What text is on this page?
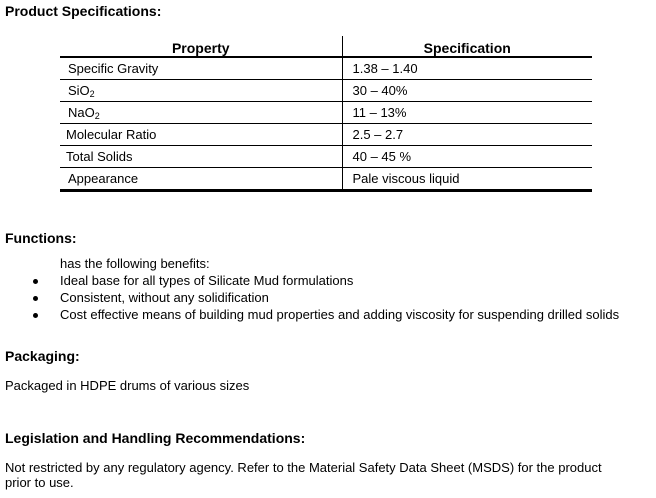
Product Specifications:
Property	Specification
Specific Gravity	1.38 – 1.40
SiO$_2$	30 – 40%
NaO$_2$	11 – 13%
Molecular Ratio	2.5 – 2.7
Total Solids	40 – 45 %
Appearance	Pale viscous liquid
Functions:
has the following benefits:
Ideal base for all types of Silicate Mud formulations
Consistent, without any solidification
Cost effective means of building mud properties and adding viscosity for suspending drilled solids
Packaging:
Packaged in HDPE drums of various sizes
Legislation and Handling Recommendations:
Not restricted by any regulatory agency. Refer to the Material Safety Data Sheet (MSDS) for the product
prior to use.
